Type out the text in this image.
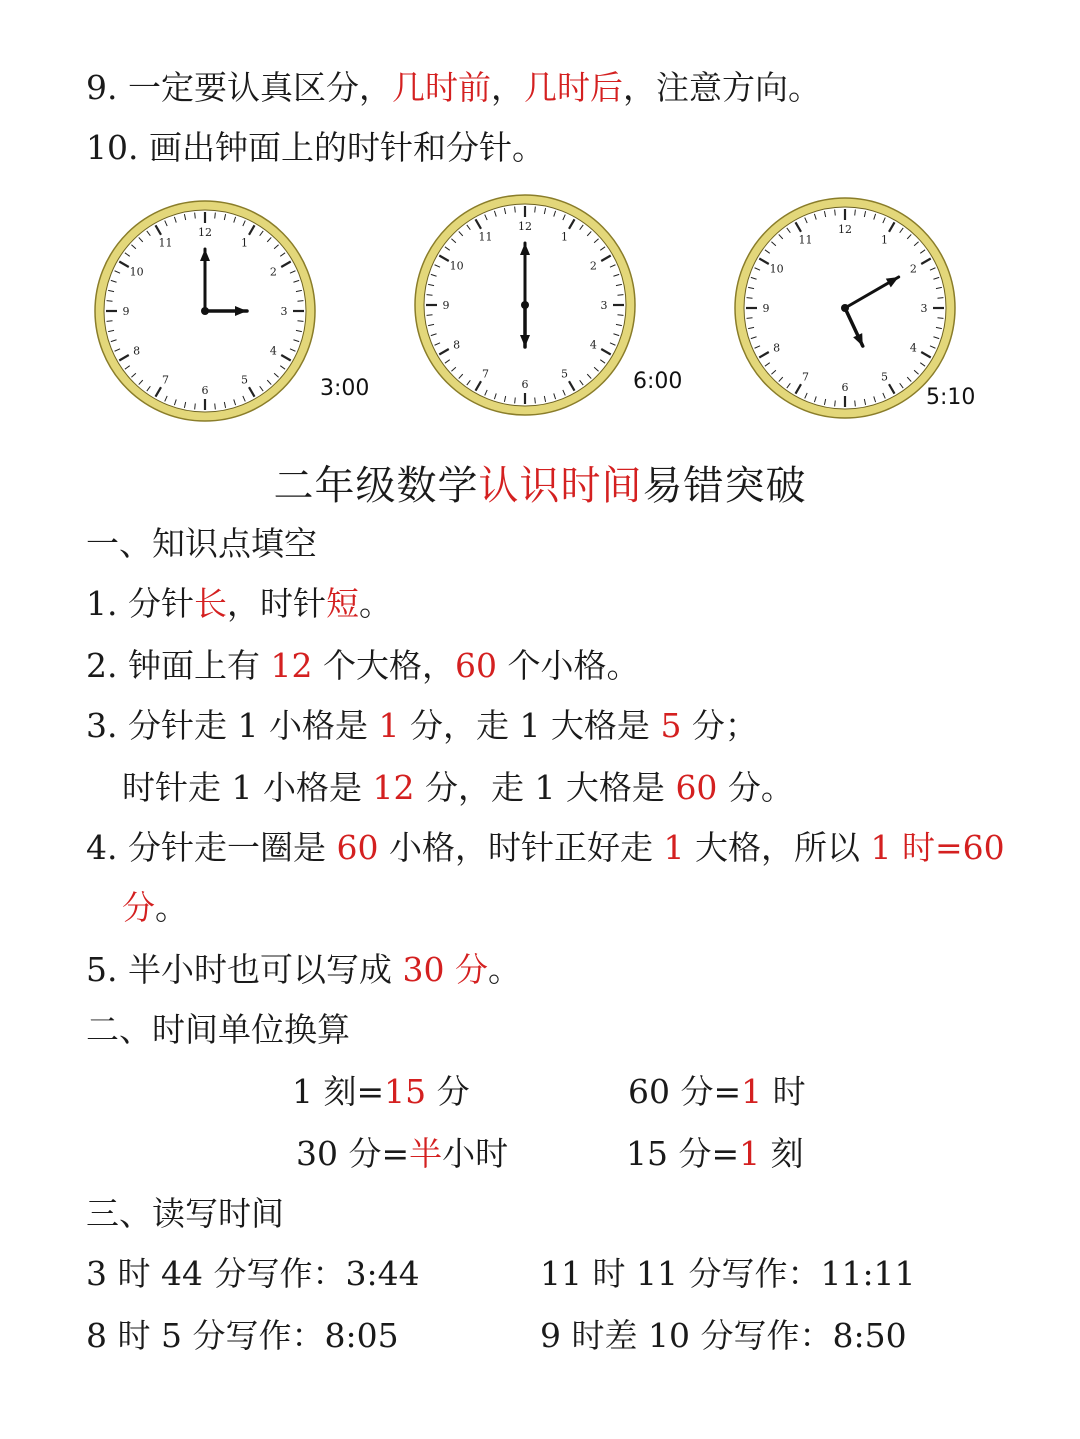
9. 一定要认真区分，几时前，几时后，注意方向。
10. 画出钟面上的时针和分针。
1
2
3
4
5
6
7
8
9
10
11
12
3:00
1
2
3
4
5
6
7
8
9
10
11
12
6:00
1
2
3
4
5
6
7
8
9
10
11
12
5:10
二年级数学认识时间易错突破
一、知识点填空
1. 分针长，时针短。
2. 钟面上有 12 个大格，60 个小格。
3. 分针走 1 小格是 1 分，走 1 大格是 5 分；
时针走 1 小格是 12 分，走 1 大格是 60 分。
4. 分针走一圈是 60 小格，时针正好走 1 大格，所以 1 时=60
分。
5. 半小时也可以写成 30 分。
二、时间单位换算
1 刻=15 分	60 分=1 时
30 分=半小时	15 分=1 刻
三、读写时间
3 时 44 分写作：3:44	11 时 11 分写作：11:11
8 时 5 分写作：8:05	9 时差 10 分写作：8:50
